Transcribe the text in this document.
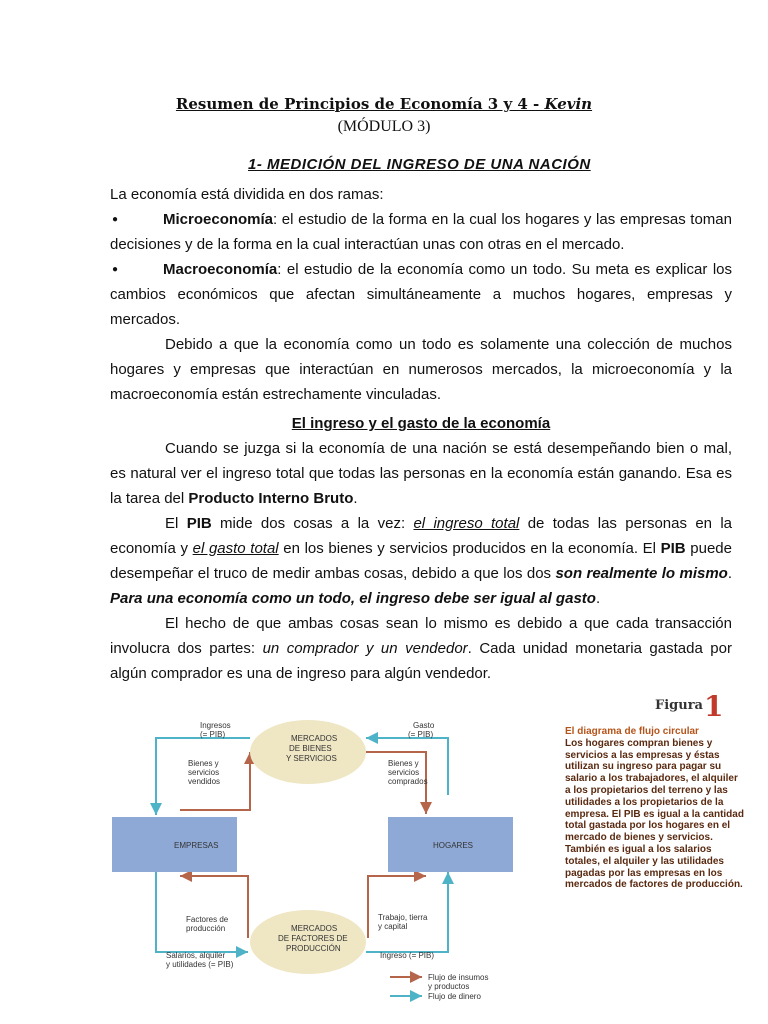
Resumen de Principios de Economía 3 y 4 - Kevin
(MÓDULO 3)
1- MEDICIÓN DEL INGRESO DE UNA NACIÓN

La economía está dividida en dos ramas:

●	Microeconomía: el estudio de la forma en la cual los hogares y las empresas toman decisiones y de la forma en la cual interactúan unas con otras en el mercado.

●	Macroeconomía: el estudio de la economía como un todo. Su meta es explicar los cambios económicos que afectan simultáneamente a muchos hogares, empresas y mercados.

Debido a que la economía como un todo es solamente una colección de muchos hogares y empresas que interactúan en numerosos mercados, la microeconomía y la macroeconomía están estrechamente vinculadas.

El ingreso y el gasto de la economía

Cuando se juzga si la economía de una nación se está desempeñando bien o mal, es natural ver el ingreso total que todas las personas en la economía están ganando. Esa es la tarea del Producto Interno Bruto.

El PIB mide dos cosas a la vez: el ingreso total de todas las personas en la economía y el gasto total en los bienes y servicios producidos en la economía. El PIB puede desempeñar el truco de medir ambas cosas, debido a que los dos son realmente lo mismo. Para una economía como un todo, el ingreso debe ser igual al gasto.

El hecho de que ambas cosas sean lo mismo es debido a que cada transacción involucra dos partes: un comprador y un vendedor. Cada unidad monetaria gastada por algún comprador es una de ingreso para algún vendedor.

EMPRESAS	HOGARES MERCADOS DE BIENES Y SERVICIOS MERCADOS DE FACTORES DE PRODUCCIÓN Ingresos (= PIB) Gasto (= PIB) Bienes y servicios vendidos Bienes y servicios comprados Factores de producción Trabajo, tierra y capital Salarios, alquiler y utilidades (= PIB) Ingreso (= PIB) Flujo de insumos y productos Flujo de dinero
Figura 1
El diagrama de flujo circular
Los hogares compran bienes y servicios a las empresas y éstas utilizan su ingreso para pagar su salario a los trabajadores, el alquiler a los propietarios del terreno y las utilidades a los propietarios de la empresa. El PIB es igual a la cantidad total gastada por los hogares en el mercado de bienes y servicios. También es igual a los salarios totales, el alquiler y las utilidades pagadas por las empresas en los mercados de factores de producción.
